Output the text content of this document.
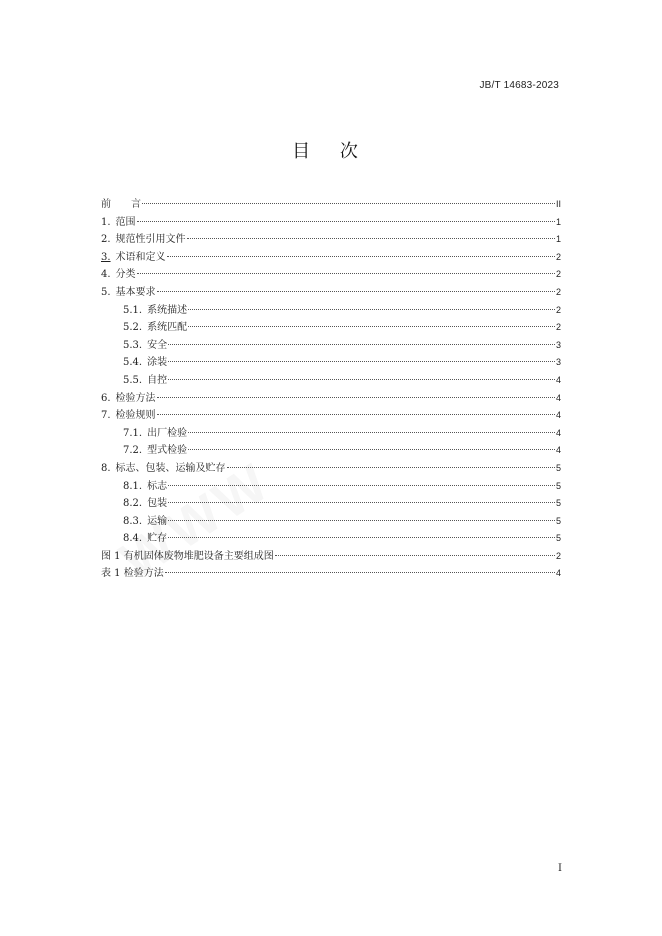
JB/T 14683-2023
目 次
前　　言	II
1. 范围	1
2. 规范性引用文件	1
3. 术语和定义	2
4. 分类	2
5. 基本要求	2
5.1. 系统描述	2
5.2. 系统匹配	2
5.3. 安全	3
5.4. 涂装	3
5.5. 自控	4
6. 检验方法	4
7. 检验规则	4
7.1. 出厂检验	4
7.2. 型式检验	4
8. 标志、包装、运输及贮存	5
8.1. 标志	5
8.2. 包装	5
8.3. 运输	5
8.4. 贮存	5
图 1 有机固体废物堆肥设备主要组成图	2
表 1 检验方法	4
I
